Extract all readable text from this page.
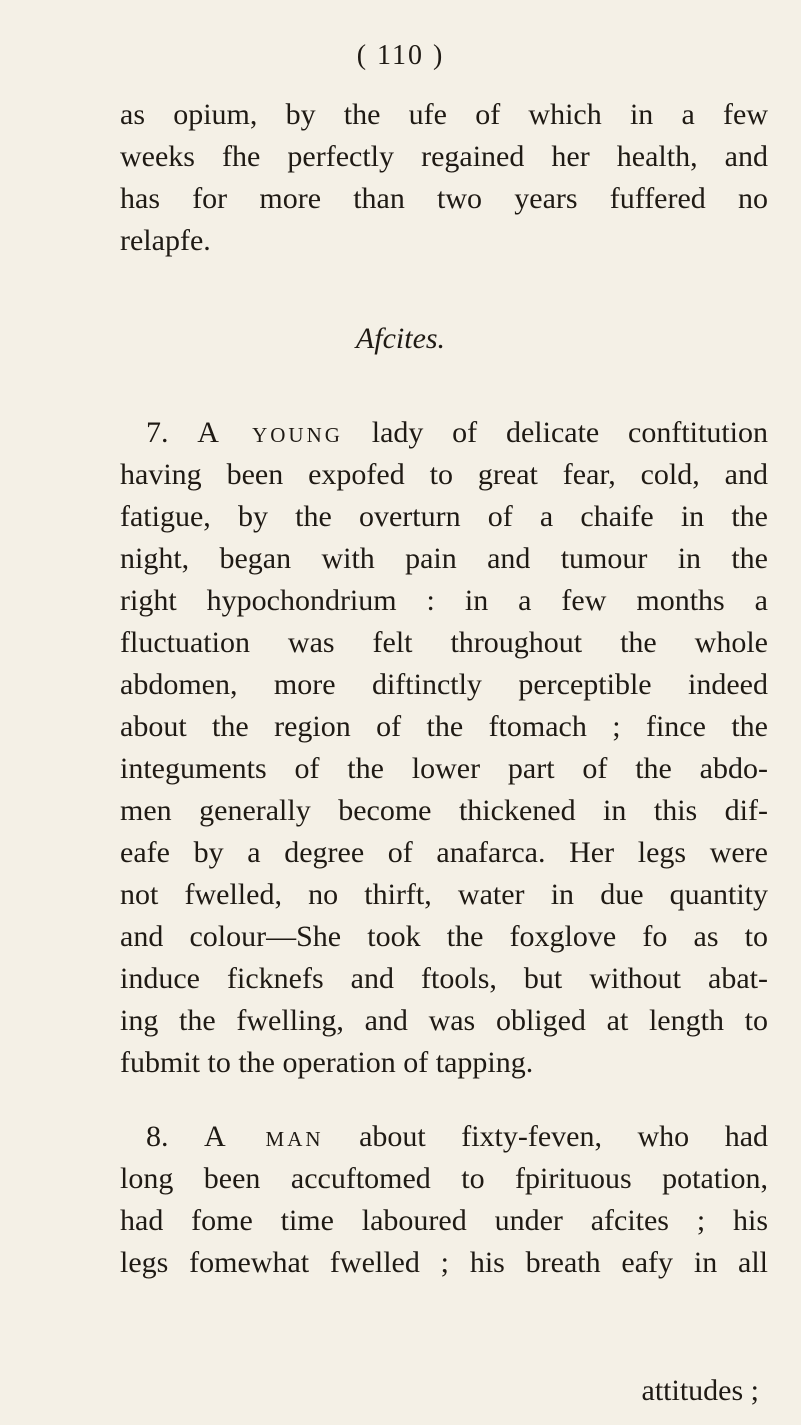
( 110 )
as opium, by the ufe of which in a few
weeks fhe perfectly regained her health, and
has for more than two years fuffered no
relapfe.
Afcites.
7. A young lady of delicate conftitution
having been expofed to great fear, cold, and
fatigue, by the overturn of a chaife in the
night, began with pain and tumour in the
right hypochondrium : in a few months a
fluctuation was felt throughout the whole
abdomen, more diftinctly perceptible indeed
about the region of the ftomach ; fince the
integuments of the lower part of the abdo-
men generally become thickened in this dif-
eafe by a degree of anafarca. Her legs were
not fwelled, no thirft, water in due quantity
and colour—She took the foxglove fo as to
induce ficknefs and ftools, but without abat-
ing the fwelling, and was obliged at length to
fubmit to the operation of tapping.
8. A man about fixty-feven, who had
long been accuftomed to fpirituous potation,
had fome time laboured under afcites ; his
legs fomewhat fwelled ; his breath eafy in all
attitudes ;
